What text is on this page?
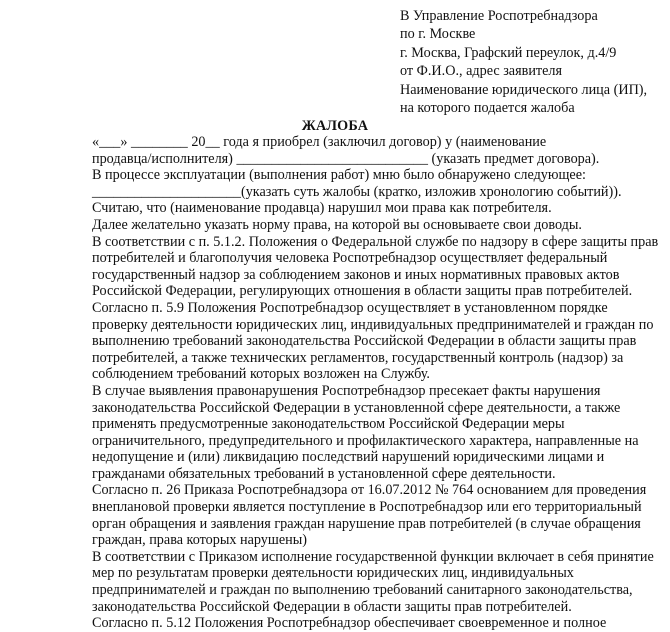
В Управление Роспотребнадзора
по г. Москве
г. Москва, Графский переулок, д.4/9
от Ф.И.О., адрес заявителя
Наименование юридического лица (ИП),
на которого подается жалоба
ЖАЛОБА
«___» ________ 20__ года я приобрел (заключил договор) у (наименование
продавца/исполнителя) ___________________________ (указать предмет договора).
В процессе эксплуатации (выполнения работ) мню было обнаружено следующее:
_____________________(указать суть жалобы (кратко, изложив хронологию событий)).
Считаю, что (наименование продавца) нарушил мои права как потребителя.
Далее желательно указать норму права, на которой вы основываете свои доводы.
В соответствии с п. 5.1.2. Положения о Федеральной службе по надзору в сфере защиты прав
потребителей и благополучия человека Роспотребнадзор осуществляет федеральный
государственный надзор за соблюдением законов и иных нормативных правовых актов
Российской Федерации, регулирующих отношения в области защиты прав потребителей.
Согласно п. 5.9 Положения Роспотребнадзор осуществляет в установленном порядке
проверку деятельности юридических лиц, индивидуальных предпринимателей и граждан по
выполнению требований законодательства Российской Федерации в области защиты прав
потребителей, а также технических регламентов, государственный контроль (надзор) за
соблюдением требований которых возложен на Службу.
В случае выявления правонарушения Роспотребнадзор пресекает факты нарушения
законодательства Российской Федерации в установленной сфере деятельности, а также
применять предусмотренные законодательством Российской Федерации меры
ограничительного, предупредительного и профилактического характера, направленные на
недопущение и (или) ликвидацию последствий нарушений юридическими лицами и
гражданами обязательных требований в установленной сфере деятельности.
Согласно п. 26 Приказа Роспотребнадзора от 16.07.2012 № 764 основанием для проведения
внеплановой проверки является поступление в Роспотребнадзор или его территориальный
орган обращения и заявления граждан нарушение прав потребителей (в случае обращения
граждан, права которых нарушены)
В соответствии с Приказом исполнение государственной функции включает в себя принятие
мер по результатам проверки деятельности юридических лиц, индивидуальных
предпринимателей и граждан по выполнению требований санитарного законодательства,
законодательства Российской Федерации в области защиты прав потребителей.
Согласно п. 5.12 Положения Роспотребнадзор обеспечивает своевременное и полное
